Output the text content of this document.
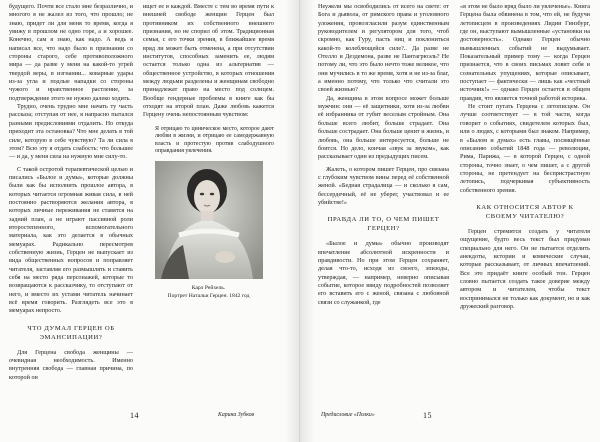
будущего. Почти все стало мне безразлично, и многого я не жалел из того, что прошло; не знаю, придет ли для меня то время, когда я увижу в прошлом не одно горе, а и хорошее. Конечно, сам я знаю, как надо. А ведь я написал все, что надо было в признании со стороны старого, себе противоположного мира — да разве у меня на какой-то угрей твердой веры, в изгнании... коварные удары из-за угла и подлые нападки со стороны чужого и нравственное растление, за подтверждение этого не нужно далеко ходить.

Трудно, очень трудно мне начать ту часть рассказа; отступая от нее, я напрасно пытался разными предисловиями отдалить. Но откуда приходит эта остановка? Что мне делать в той силе, которую в себе чувствую? Та ли сила в этом? Всю эту я отдать слабость: что большее — и да, у меня сила на нужную мне силу-то.

С такой остротой терапевтической целью и писались «Былое и думы», которые должны были как бы исполнить прошлое автора, в которых читается огромная живая сила, в ней постоянно растворяются желания автора, в которых личные переживания не ставятся на задний план, а не играют пассивной роли второстепенного, вспомогательного материала, как это делается в обычных мемуарах. Радикально пересмотрев собственную жизнь, Герцен не выпускает из вида общественных вопросов и поправляет читателя, заставляя его размышлять и ставить себя на место ряда персонажей, которые то возвращаются к рассказчику, то отступают от него, и вместо их устами читатель начинает всё время говорить. Разглядеть все это в мемуарах непросто.

ЧТО ДУМАЛ ГЕРЦЕН ОБ ЭМАНСИПАЦИИ?

Для Герцена свобода женщины — очевидная необходимость. Именно внутренняя свобода — главная причина, по которой он

ищет ее в каждой. Вместе с тем во время пути к внешней свободе женщин Герцен был противником их собственного внешнего признания, но не спорил об этом. Традиционная семья, с его точки зрения, в ближайшее время вряд ли может быть отменена, а при отсутствии институтов, способных заменить ее, людям остается только одна из альтернатив — общественное устройство, в которых отношения между людьми разделены и женщинам свободно принадлежат право на место под солнцем. Вообще гендерные проблемы в книге как бы отходят на второй план. Даже любовь кажется Герцену очень непостоянным чувством:

Я отрицаю то циническое место, которое дают любви в жизни, и отрицаю ее самодержавную власть и протестую против слабодушного оправдания увлечения.
Карл Рейхель.
Портрет Натальи Герцен. 1842 год
14	Карина Зубков

Неужели мы освободились от всего на свете: от Бога и дьявола, от римского права и уголовного уложения, провозгласили разум единственным руководителем и регулятором для того, чтоб скромно, как Гуру, пасть ниц и поклониться какой-то колеблющейся силе?.. Да разве не Отелло и Дездемона, разве не Пантагрюэль? Не потому ли, что это было нечто тоже великое, что они мучились в то же время, хотя и не из-за благ, а именно потому, что только что считали это своей жизнью?

Да, женщина в этом вопросе может больше мужчин: они — её защитники, хотя из-за любви её избранника от губит веселым стройным. Она больше всего любит, больше страдает. Она больше сострадает. Она больше ценит и жизнь, и любовь, она больше интересуется, больше не боится. Но дело, кончая «звук за звуком», как рассказывает один из предыдущих писем.

Жалеть, о котором пишет Герцен, про связана с глубоким чувством вины перед её собственной женой. «Бедная страдалица — и сколько я сам, бессердечный, её не уберег, участвовал и ее убийстве!»

ПРАВДА ЛИ ТО, О ЧЕМ ПИШЕТ ГЕРЦЕН?

«Былое и думы» обычно производят впечатление абсолютной искренности и правдивости. Но при этом Герцен сохраняет, делая что-то, исходя из своего, эпизоды, утверждая, — например, неверно описывая событие, которое ввиду подробностей позволяет его вставить его с женой, связана с любовной связи со служанкой, где

«в этом не было вряд было ли увлеченье». Книга Герцена была обвинена в том, что ей, не будучи летописцем в произведениях Лидии Гинзбург, где он, выступают вымышленные «установки на достоверность». Однако Герцен обычно вымышленных событий не выдумывает. Показательный пример тому — когда Герцен признается, что в своих письмах ловит себя и сознательных упущениях, которые описывает, поступает — фактически — лишь как «честный источник!» — однако Герцен остается в общем правдив, что является точной работой историка.

Не стоит путать Герцена с летописцем. Он лучше соответствует — в той части, когда говорит о событиях, свидетелем которых был, или о людях, с которыми был знаком. Например, в «Былом и думах» есть главы, посвящённые описанию событий 1848 года — революции, Рима, Парижа, — в которой Герцен, с одной стороны, точно знает, о чем пишет, а с другой стороны, не претендует на беспристрастную летопись, подчеркивая субъективность собственного зрения.

КАК ОТНОСИТСЯ АВТОР К СВОЕМУ ЧИТАТЕЛЮ?

Герцен стремится создать у читателя ощущение, будто весь текст был придуман специально для него. Он не пытается отделить анекдоты, истории и комические случаи, которые рассказывает, от личных впечатлений. Все это придаёт книге особый тон. Герцен словно пытается создать такое доверие между автором и читателем, чтобы текст воспринимался не только как документ, но и как дружеский разговор.

Предисловие «Полки»	15
